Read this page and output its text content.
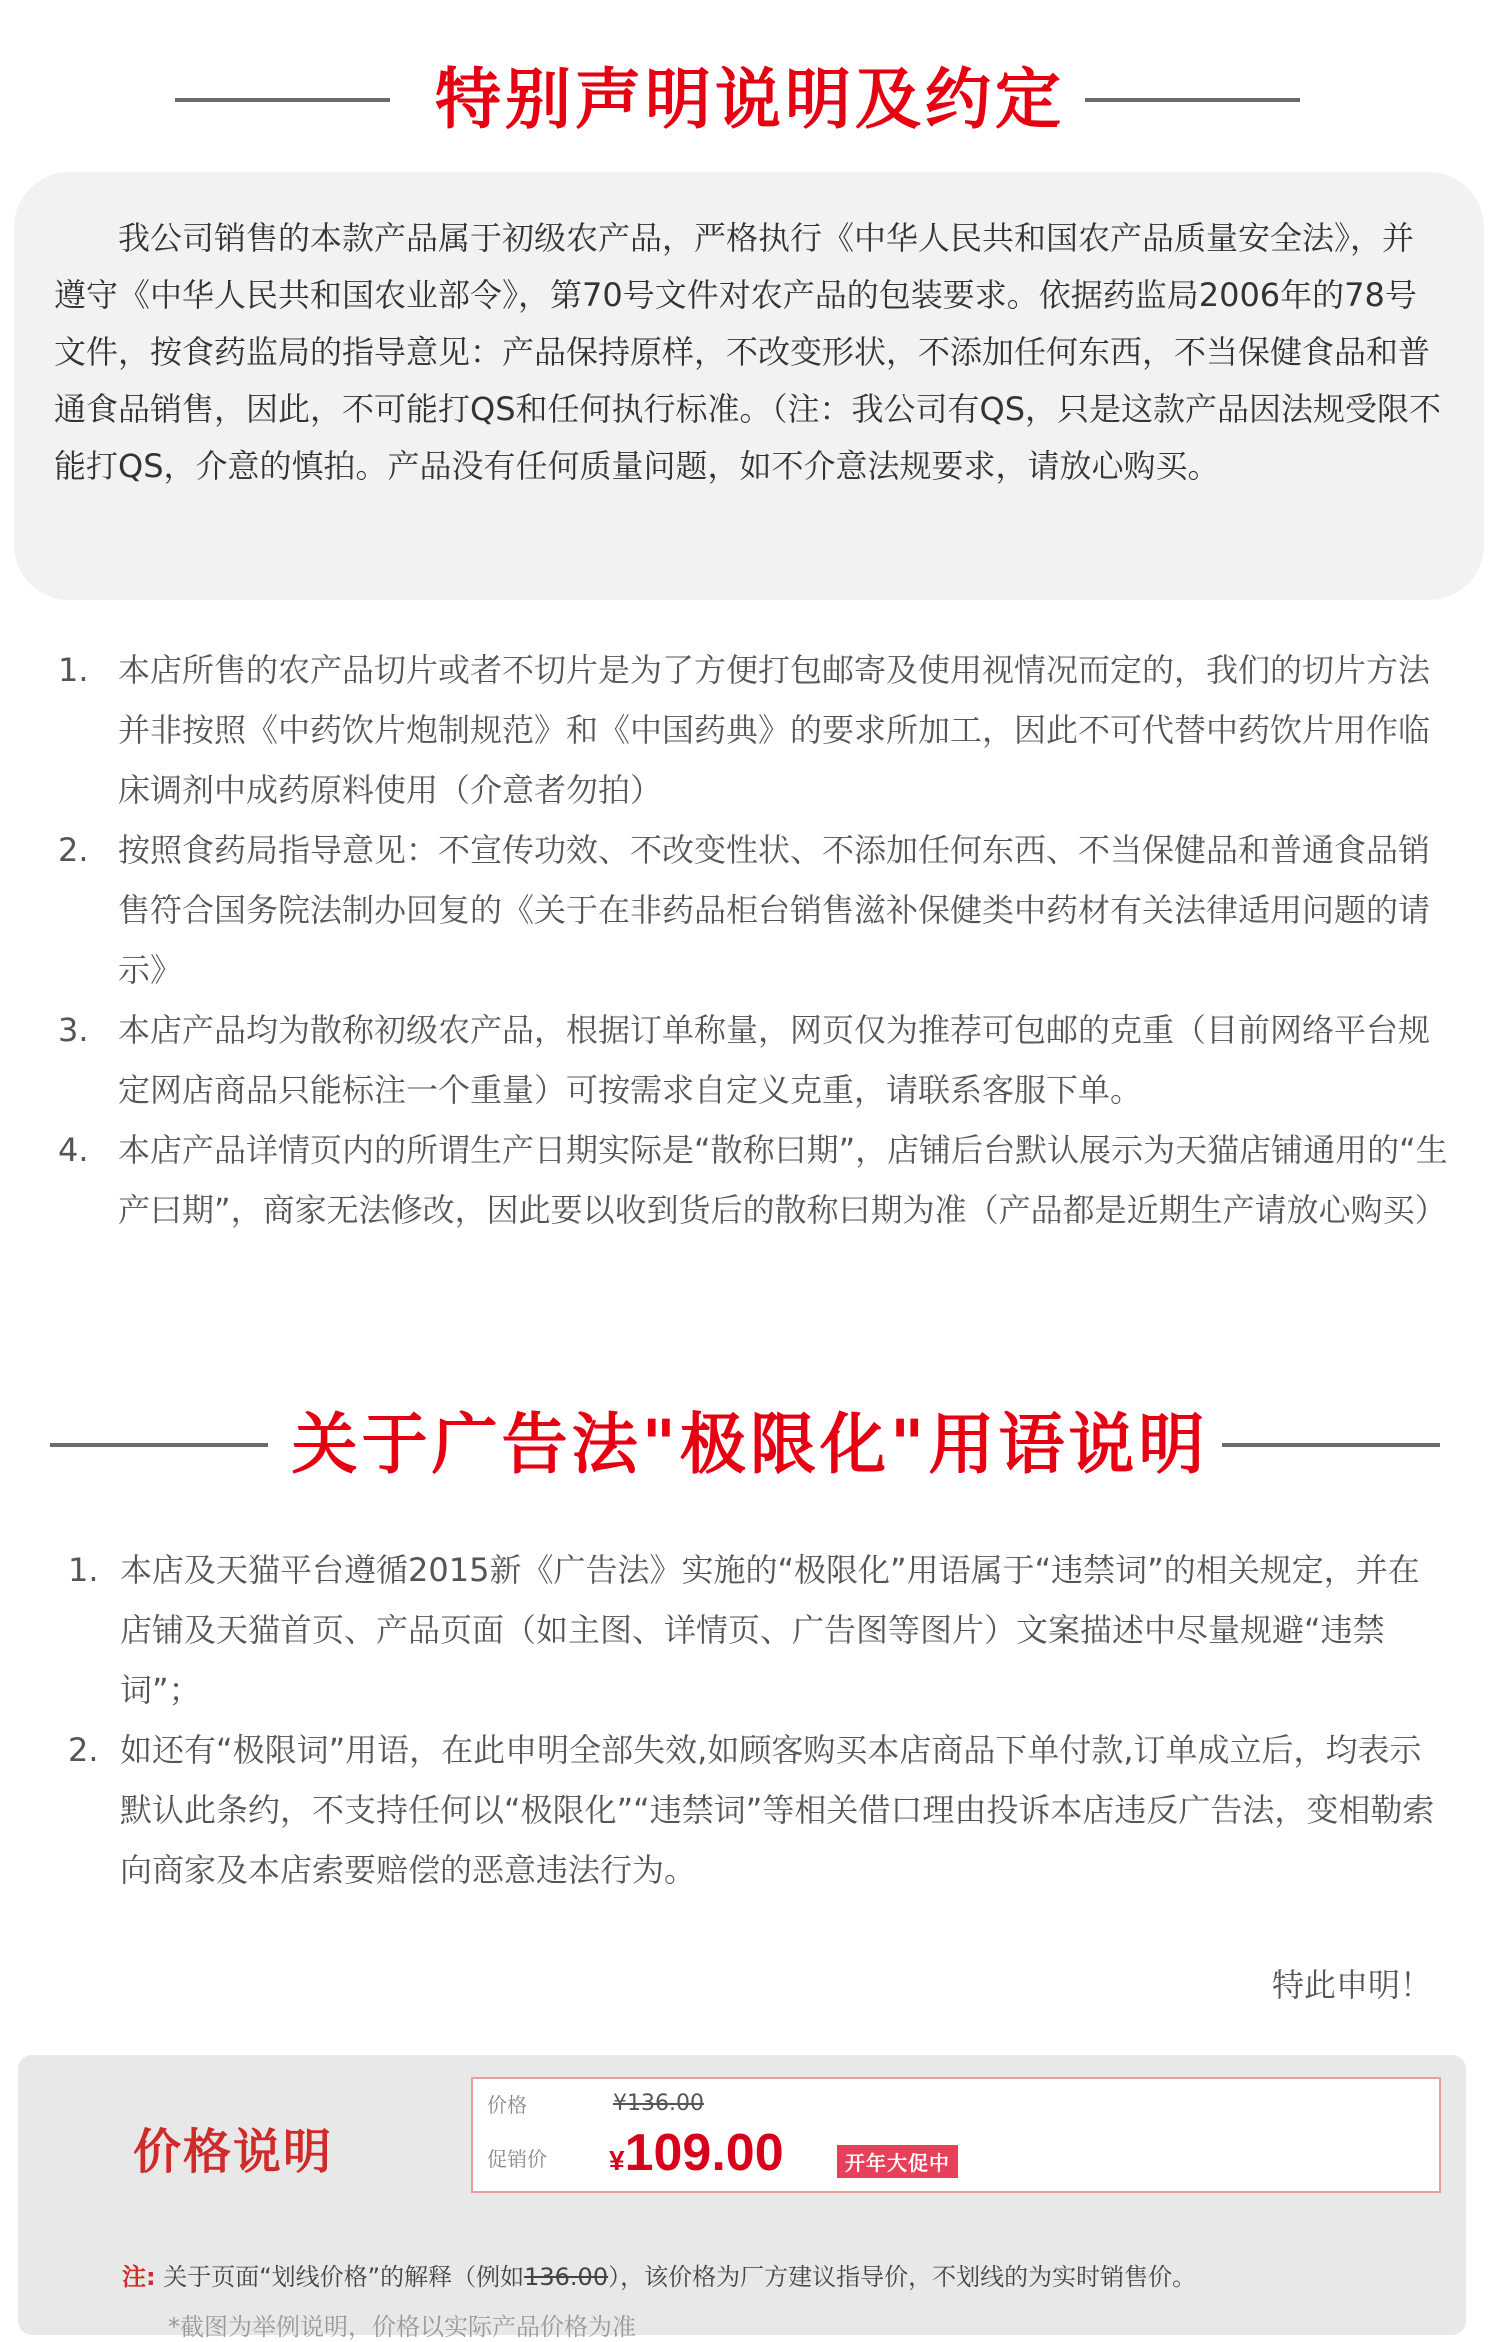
特别声明说明及约定

我公司销售的本款产品属于初级农产品，严格执行《中华人民共和国农产品质量安全法》，并遵守《中华人民共和国农业部令》，第70号文件对农产品的包装要求。依据药监局2006年的78号文件，按食药监局的指导意见：产品保持原样，不改变形状，不添加任何东西，不当保健食品和普通食品销售，因此，不可能打QS和任何执行标准。（注：我公司有QS，只是这款产品因法规受限不能打QS，介意的慎拍。产品没有任何质量问题，如不介意法规要求，请放心购买。

1. 本店所售的农产品切片或者不切片是为了方便打包邮寄及使用视情况而定的，我们的切片方法并非按照《中药饮片炮制规范》和《中国药典》的要求所加工，因此不可代替中药饮片用作临床调剂中成药原料使用（介意者勿拍）
2. 按照食药局指导意见：不宣传功效、不改变性状、不添加任何东西、不当保健品和普通食品销售符合国务院法制办回复的《关于在非药品柜台销售滋补保健类中药材有关法律适用问题的请示》
3. 本店产品均为散称初级农产品，根据订单称量，网页仅为推荐可包邮的克重（目前网络平台规定网店商品只能标注一个重量）可按需求自定义克重，请联系客服下单。
4. 本店产品详情页内的所谓生产日期实际是“散称曰期”，店铺后台默认展示为天猫店铺通用的“生产曰期”，商家无法修改，因此要以收到货后的散称曰期为准（产品都是近期生产请放心购买）
关于广告法"极限化"用语说明
1. 本店及天猫平台遵循2015新《广告法》实施的“极限化”用语属于“违禁词”的相关规定，并在店铺及天猫首页、产品页面（如主图、详情页、广告图等图片）文案描述中尽量规避“违禁词”；
2. 如还有“极限词”用语，在此申明全部失效,如顾客购买本店商品下单付款,订单成立后，均表示默认此条约，不支持任何以“极限化”“违禁词”等相关借口理由投诉本店违反广告法，变相勒索向商家及本店索要赔偿的恶意违法行为。
特此申明！
价格说明
价格	¥136.00
促销价 ¥109.00	开年大促中
注: 关于页面“划线价格”的解释（例如136.00），该价格为厂方建议指导价，不划线的为实时销售价。
*截图为举例说明，价格以实际产品价格为准
